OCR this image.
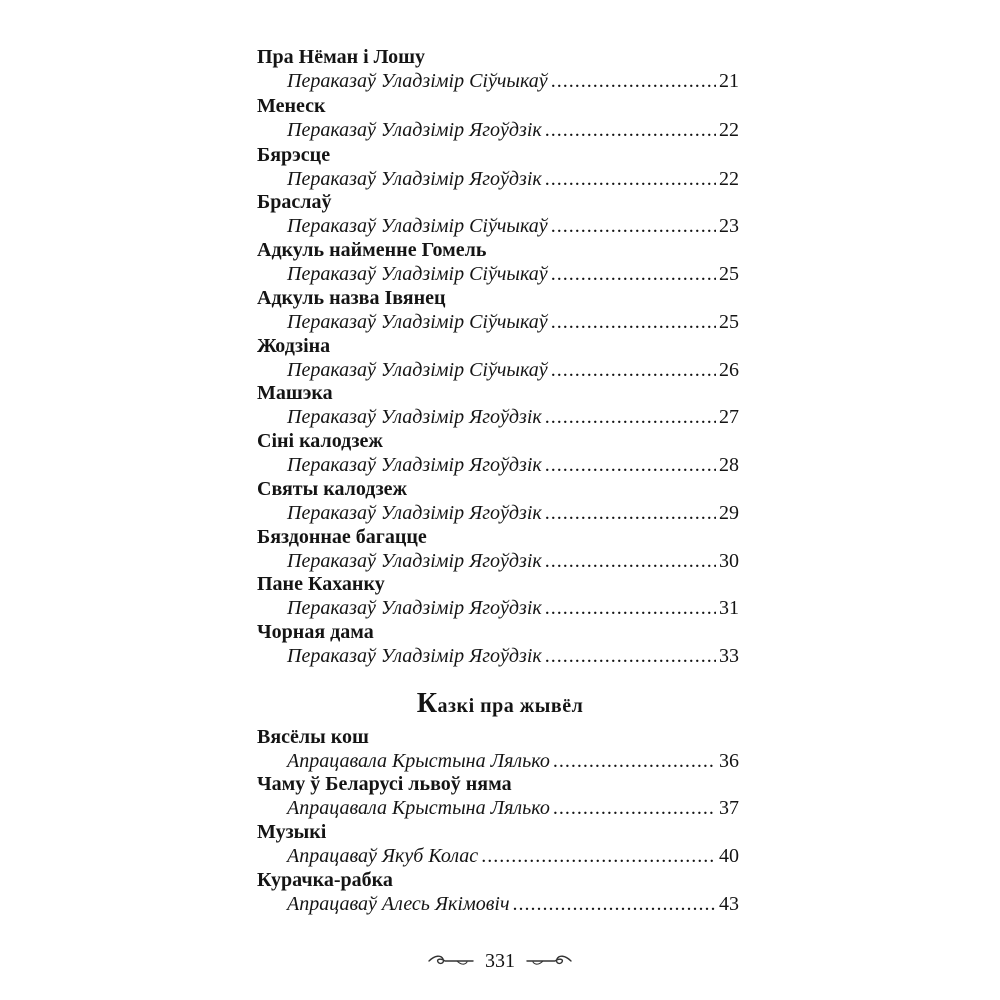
Пра Нёман і Лошу
Пераказаў Уладзімір Сіўчыкаў .....	21
Менеск
Пераказаў Уладзімір Ягоўдзік .....	22
Бярэсце
Пераказаў Уладзімір Ягоўдзік .....	22
Браслаў
Пераказаў Уладзімір Сіўчыкаў .....	23
Адкуль найменне Гомель
Пераказаў Уладзімір Сіўчыкаў .....	25
Адкуль назва Івянец
Пераказаў Уладзімір Сіўчыкаў .....	25
Жодзіна
Пераказаў Уладзімір Сіўчыкаў .....	26
Машэка
Пераказаў Уладзімір Ягоўдзік .....	27
Сіні калодзеж
Пераказаў Уладзімір Ягоўдзік .....	28
Святы калодзеж
Пераказаў Уладзімір Ягоўдзік .....	29
Бяздоннае багацце
Пераказаў Уладзімір Ягоўдзік .....	30
Пане Каханку
Пераказаў Уладзімір Ягоўдзік .....	31
Чорная дама
Пераказаў Уладзімір Ягоўдзік .....	33
Казкі пра жывёл
Вясёлы кош
Апрацавала Крыстына Лялько .....	36
Чаму ў Беларусі львоў няма
Апрацавала Крыстына Лялько .....	37
Музыкі
Апрацаваў Якуб Колас .....	40
Курачка-рабка
Апрацаваў Алесь Якімовіч .....	43
331
